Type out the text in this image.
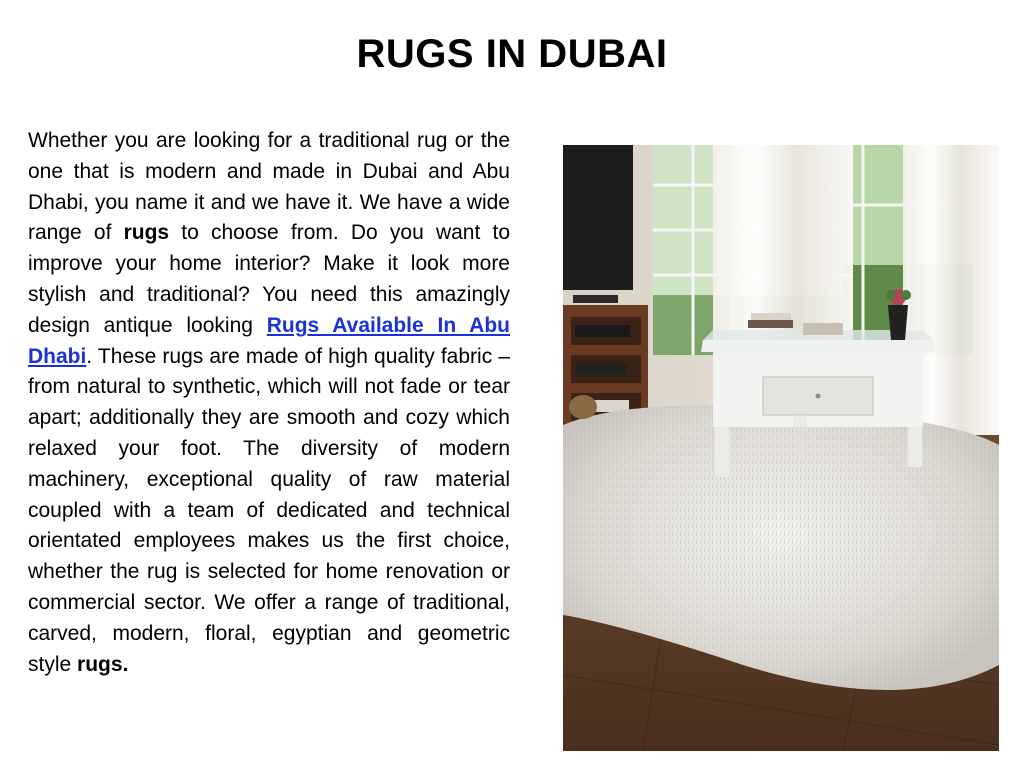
RUGS IN DUBAI

Whether you are looking for a traditional rug or the one that is modern and made in Dubai and Abu Dhabi, you name it and we have it. We have a wide range of rugs to choose from. Do you want to improve your home interior? Make it look more stylish and traditional? You need this amazingly design antique looking Rugs Available In Abu Dhabi. These rugs are made of high quality fabric – from natural to synthetic, which will not fade or tear apart; additionally they are smooth and cozy which relaxed your foot. The diversity of modern machinery, exceptional quality of raw material coupled with a team of dedicated and technical orientated employees makes us the first choice, whether the rug is selected for home renovation or commercial sector. We offer a range of traditional, carved, modern, floral, egyptian and geometric style rugs.
